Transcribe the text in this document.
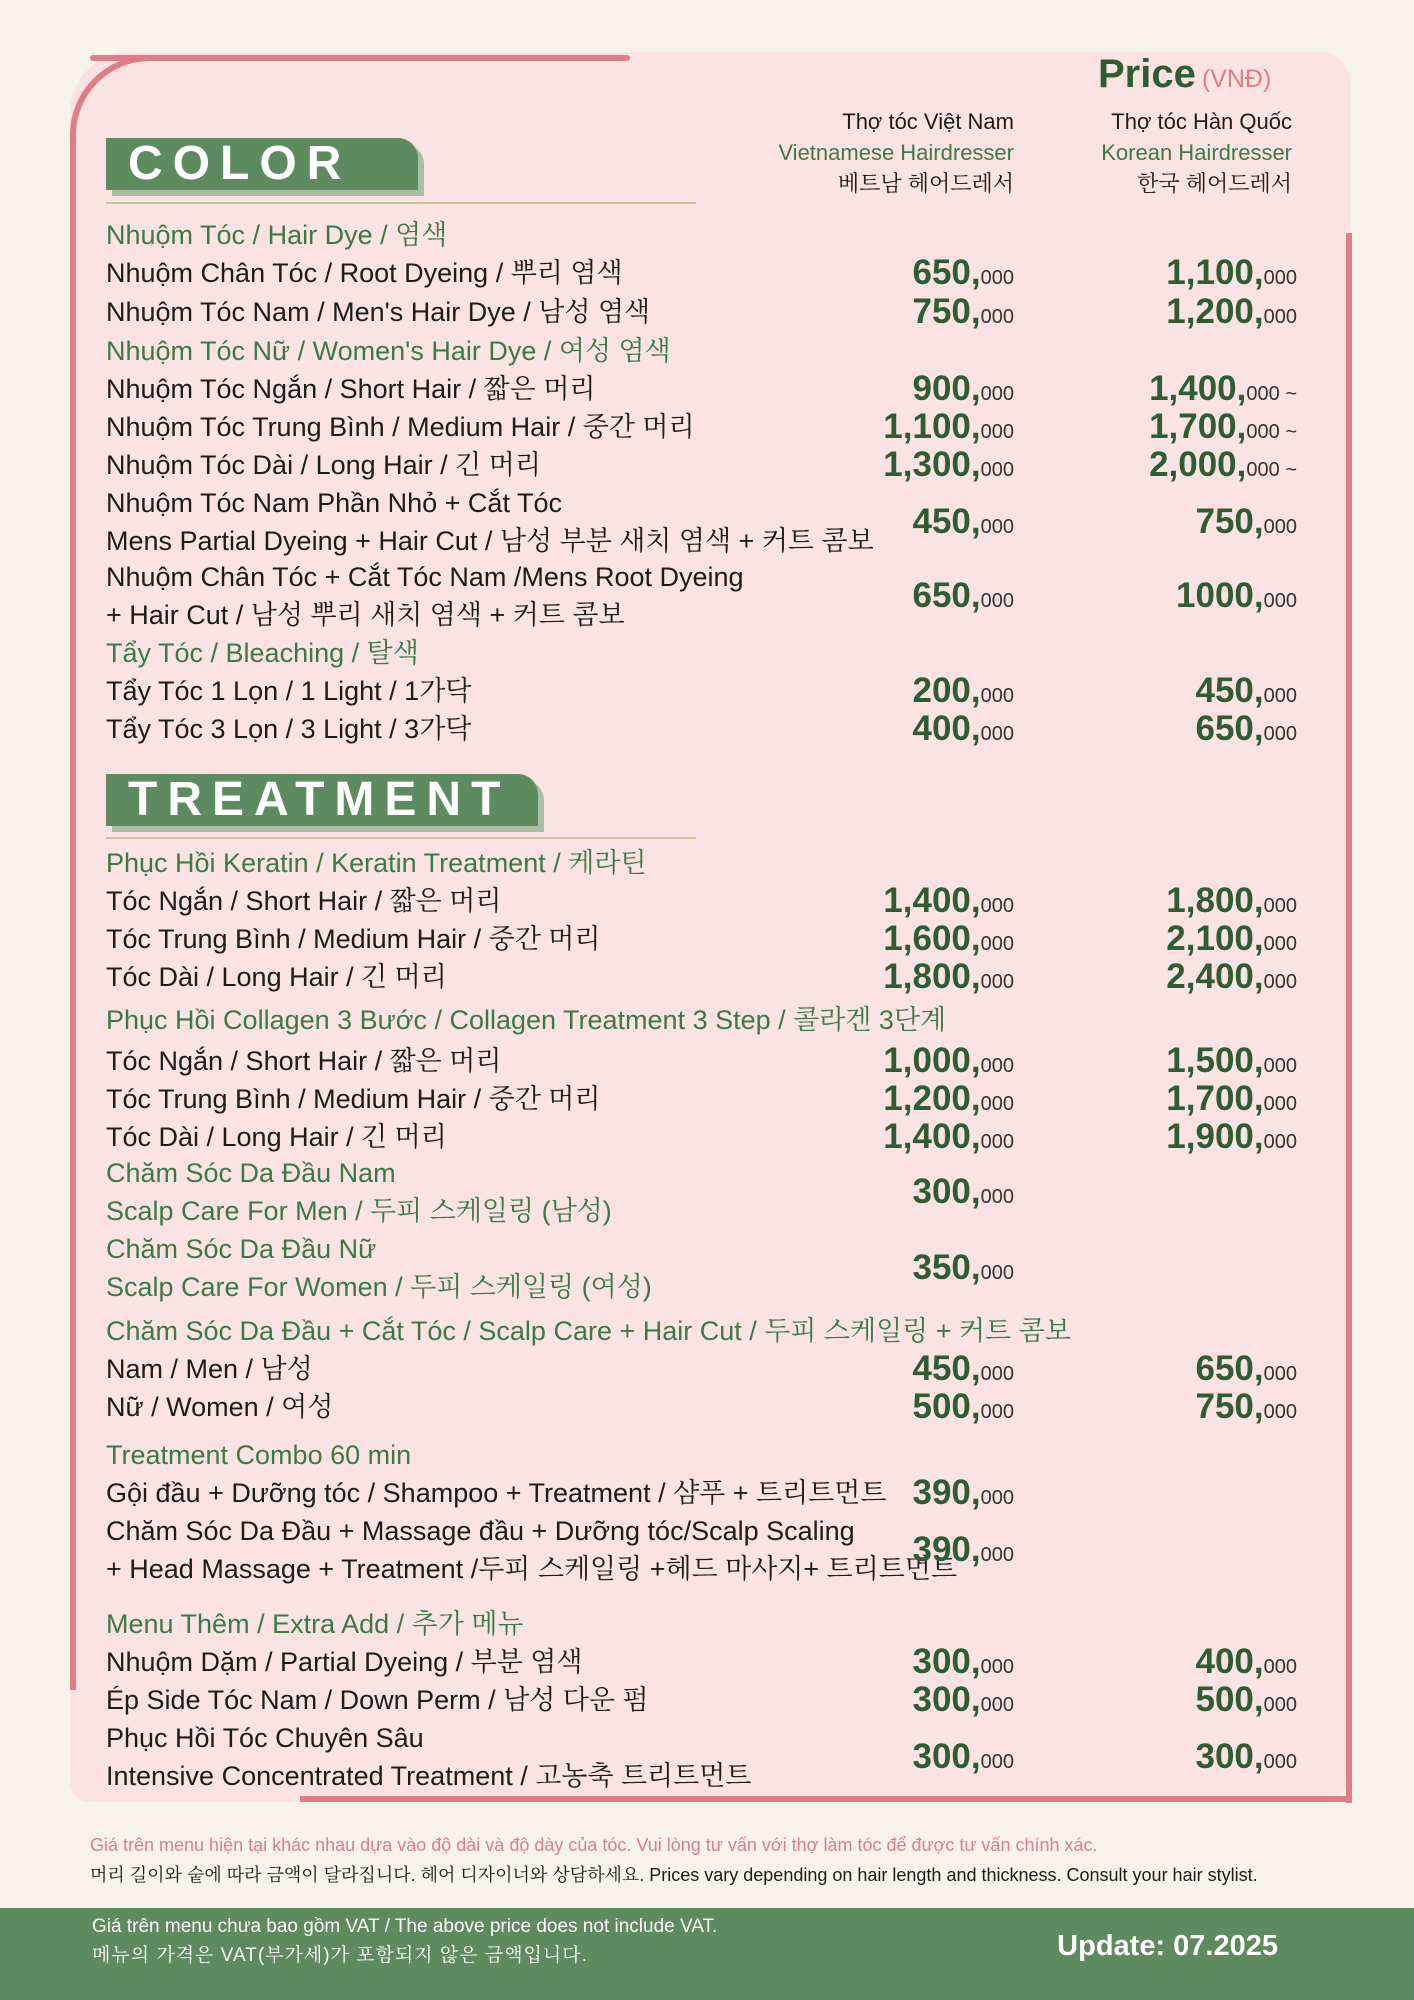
Price (VNĐ)
Thợ tóc Việt Nam
Vietnamese Hairdresser
베트남 헤어드레서
Thợ tóc Hàn Quốc
Korean Hairdresser
한국 헤어드레서
COLOR
TREATMENT
Nhuộm Tóc / Hair Dye / 염색
Nhuộm Chân Tóc / Root Dyeing / 뿌리 염색	650,000	1,100,000
Nhuộm Tóc Nam / Men's Hair Dye / 남성 염색	750,000	1,200,000
Nhuộm Tóc Nữ / Women's Hair Dye / 여성 염색
Nhuộm Tóc Ngắn / Short Hair / 짧은 머리	900,000	1,400,000 ~
Nhuộm Tóc Trung Bình / Medium Hair / 중간 머리	1,100,000	1,700,000 ~
Nhuộm Tóc Dài / Long Hair / 긴 머리	1,300,000	2,000,000 ~
Nhuộm Tóc Nam Phần Nhỏ + Cắt Tóc
Mens Partial Dyeing + Hair Cut / 남성 부분 새치 염색 + 커트 콤보	450,000	750,000
Nhuộm Chân Tóc + Cắt Tóc Nam /Mens Root Dyeing
+ Hair Cut / 남성 뿌리 새치 염색 + 커트 콤보	650,000	1000,000
Tẩy Tóc / Bleaching / 탈색
Tẩy Tóc 1 Lọn / 1 Light / 1가닥	200,000	450,000
Tẩy Tóc 3 Lọn / 3 Light / 3가닥	400,000	650,000
Phục Hồi Keratin / Keratin Treatment / 케라틴
Tóc Ngắn / Short Hair / 짧은 머리	1,400,000	1,800,000
Tóc Trung Bình / Medium Hair / 중간 머리	1,600,000	2,100,000
Tóc Dài / Long Hair / 긴 머리	1,800,000	2,400,000
Phục Hồi Collagen 3 Bước / Collagen Treatment 3 Step / 콜라겐 3단계
Tóc Ngắn / Short Hair / 짧은 머리	1,000,000	1,500,000
Tóc Trung Bình / Medium Hair / 중간 머리	1,200,000	1,700,000
Tóc Dài / Long Hair / 긴 머리	1,400,000	1,900,000
Chăm Sóc Da Đầu Nam
Scalp Care For Men / 두피 스케일링 (남성)	300,000
Chăm Sóc Da Đầu Nữ
Scalp Care For Women / 두피 스케일링 (여성)	350,000
Chăm Sóc Da Đầu + Cắt Tóc / Scalp Care + Hair Cut / 두피 스케일링 + 커트 콤보
Nam / Men / 남성	450,000	650,000
Nữ / Women / 여성	500,000	750,000
Treatment Combo 60 min
Gội đầu + Dưỡng tóc / Shampoo + Treatment / 샴푸 + 트리트먼트 390,000
Chăm Sóc Da Đầu + Massage đầu + Dưỡng tóc/Scalp Scaling
+ Head Massage + Treatment /두피 스케일링 +헤드 마사지+ 트리트먼트
390,000
Menu Thêm / Extra Add / 추가 메뉴
Nhuộm Dặm / Partial Dyeing / 부분 염색	300,000	400,000
Ép Side Tóc Nam / Down Perm / 남성 다운 펌	300,000	500,000
Phục Hồi Tóc Chuyên Sâu
Intensive Concentrated Treatment / 고농축 트리트먼트	300,000	300,000
Giá trên menu hiện tại khác nhau dựa vào độ dài và độ dày của tóc. Vui lòng tư vấn với thợ làm tóc để được tư vấn chính xác.
머리 길이와 숱에 따라 금액이 달라집니다. 헤어 디자이너와 상담하세요. Prices vary depending on hair length and thickness. Consult your hair stylist.
Giá trên menu chưa bao gồm VAT / The above price does not include VAT.
메뉴의 가격은 VAT(부가세)가 포함되지 않은 금액입니다.	Update: 07.2025
